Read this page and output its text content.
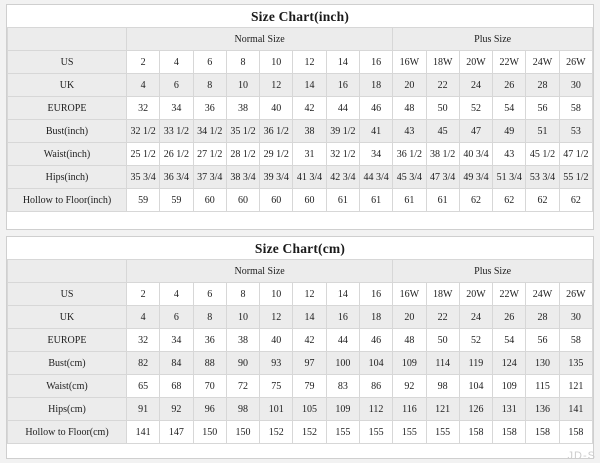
Size Chart(inch)
	Normal Size								Plus Size					
US	2	4	6	8	10	12	14	16	16W	18W	20W	22W	24W	26W
UK	4	6	8	10	12	14	16	18	20	22	24	26	28	30
EUROPE	32	34	36	38	40	42	44	46	48	50	52	54	56	58
Bust(inch)	32 1/2	33 1/2	34 1/2	35 1/2	36 1/2	38	39 1/2	41	43	45	47	49	51	53
Waist(inch)	25 1/2	26 1/2	27 1/2	28 1/2	29 1/2	31	32 1/2	34	36 1/2	38 1/2	40 3/4	43	45 1/2	47 1/2
Hips(inch)	35 3/4	36 3/4	37 3/4	38 3/4	39 3/4	41 3/4	42 3/4	44 3/4	45 3/4	47 3/4	49 3/4	51 3/4	53 3/4	55 1/2
Hollow to Floor(inch)	59	59	60	60	60	60	61	61	61	61	62	62	62	62
Size Chart(cm)
	Normal Size								Plus Size					
US	2	4	6	8	10	12	14	16	16W	18W	20W	22W	24W	26W
UK	4	6	8	10	12	14	16	18	20	22	24	26	28	30
EUROPE	32	34	36	38	40	42	44	46	48	50	52	54	56	58
Bust(cm)	82	84	88	90	93	97	100	104	109	114	119	124	130	135
Waist(cm)	65	68	70	72	75	79	83	86	92	98	104	109	115	121
Hips(cm)	91	92	96	98	101	105	109	112	116	121	126	131	136	141
Hollow to Floor(cm)	141	147	150	150	152	152	155	155	155	155	158	158	158	158
JD-S
